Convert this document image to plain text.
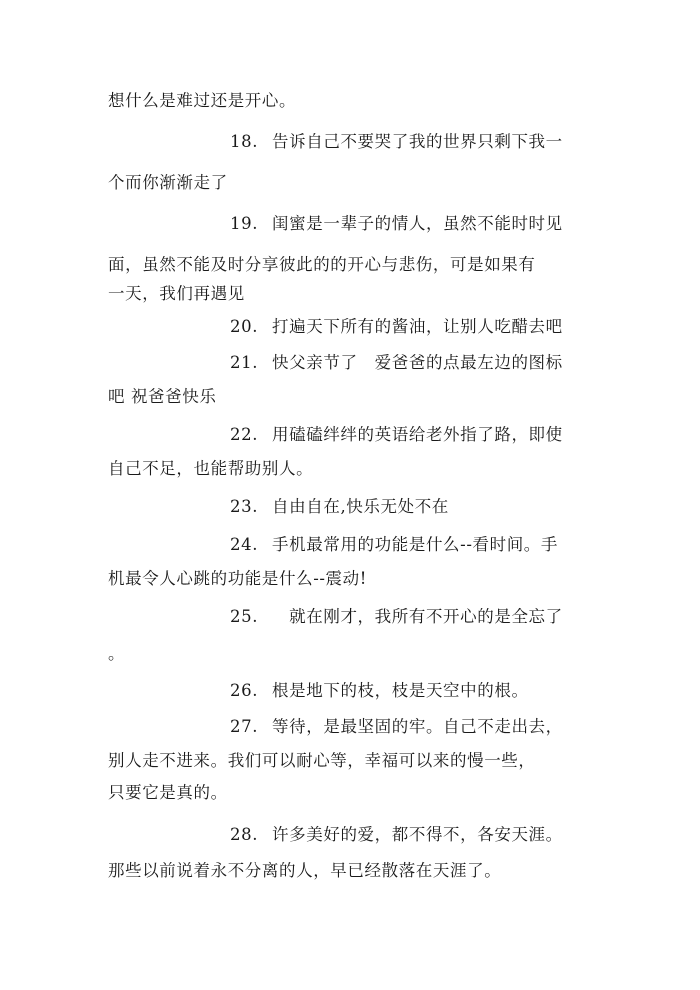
想什么是难过还是开心。
18. 告诉自己不要哭了我的世界只剩下我一
个而你渐渐走了
19. 闺蜜是一辈子的情人，虽然不能时时见
面，虽然不能及时分享彼此的的开心与悲伤，可是如果有
一天，我们再遇见
20. 打遍天下所有的酱油，让别人吃醋去吧
21. 快父亲节了　爱爸爸的点最左边的图标
吧 祝爸爸快乐
22. 用磕磕绊绊的英语给老外指了路，即使
自己不足，也能帮助别人。
23. 自由自在,快乐无处不在
24. 手机最常用的功能是什么--看时间。手
机最令人心跳的功能是什么--震动!
25.　就在刚才，我所有不开心的是全忘了
。
26. 根是地下的枝，枝是天空中的根。
27. 等待，是最坚固的牢。自己不走出去，
别人走不进来。我们可以耐心等，幸福可以来的慢一些，
只要它是真的。
28. 许多美好的爱，都不得不，各安天涯。
那些以前说着永不分离的人，早已经散落在天涯了。
